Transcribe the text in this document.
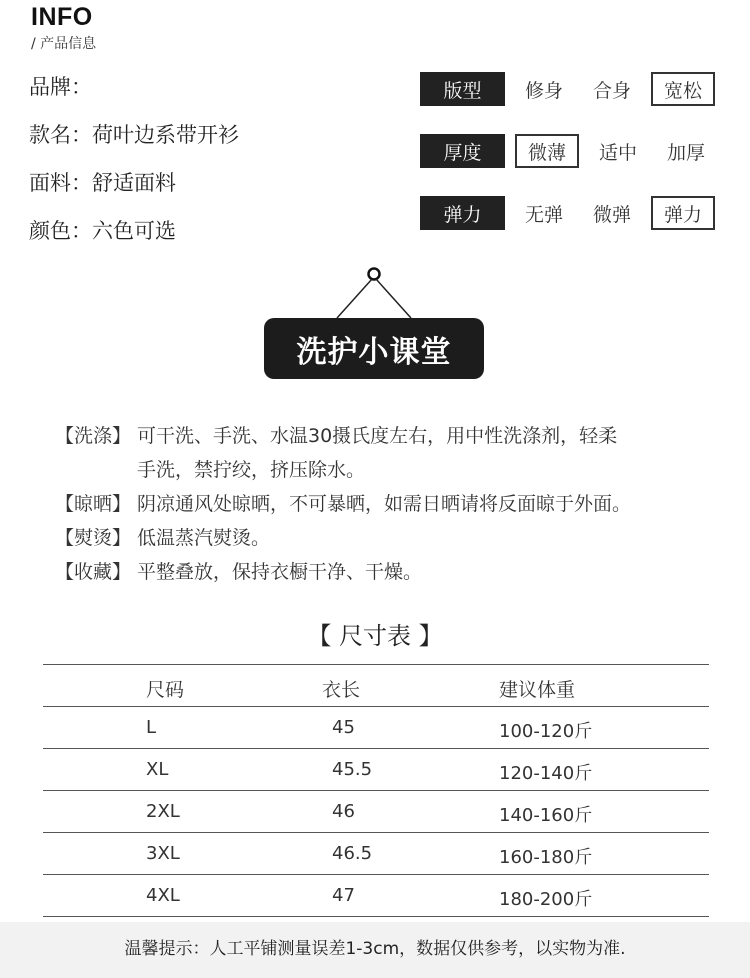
INFO
/ 产品信息
品牌：
款名：荷叶边系带开衫
面料：舒适面料
颜色：六色可选
版型	修身	合身	宽松
厚度	微薄	适中	加厚
弹力	无弹	微弹	弹力
洗护小课堂
【洗涤】 可干洗、手洗、水温30摄氏度左右，用中性洗涤剂，轻柔
手洗，禁拧绞，挤压除水。
【晾晒】 阴凉通风处晾晒，不可暴晒，如需日晒请将反面晾于外面。
【熨烫】 低温蒸汽熨烫。
【收藏】 平整叠放，保持衣橱干净、干燥。
【 尺寸表 】
尺码	衣长	建议体重
L	45	100-120斤
XL	45.5	120-140斤
2XL	46	140-160斤
3XL	46.5	160-180斤
4XL	47	180-200斤
温馨提示：人工平铺测量误差1-3cm，数据仅供参考，以实物为准.
